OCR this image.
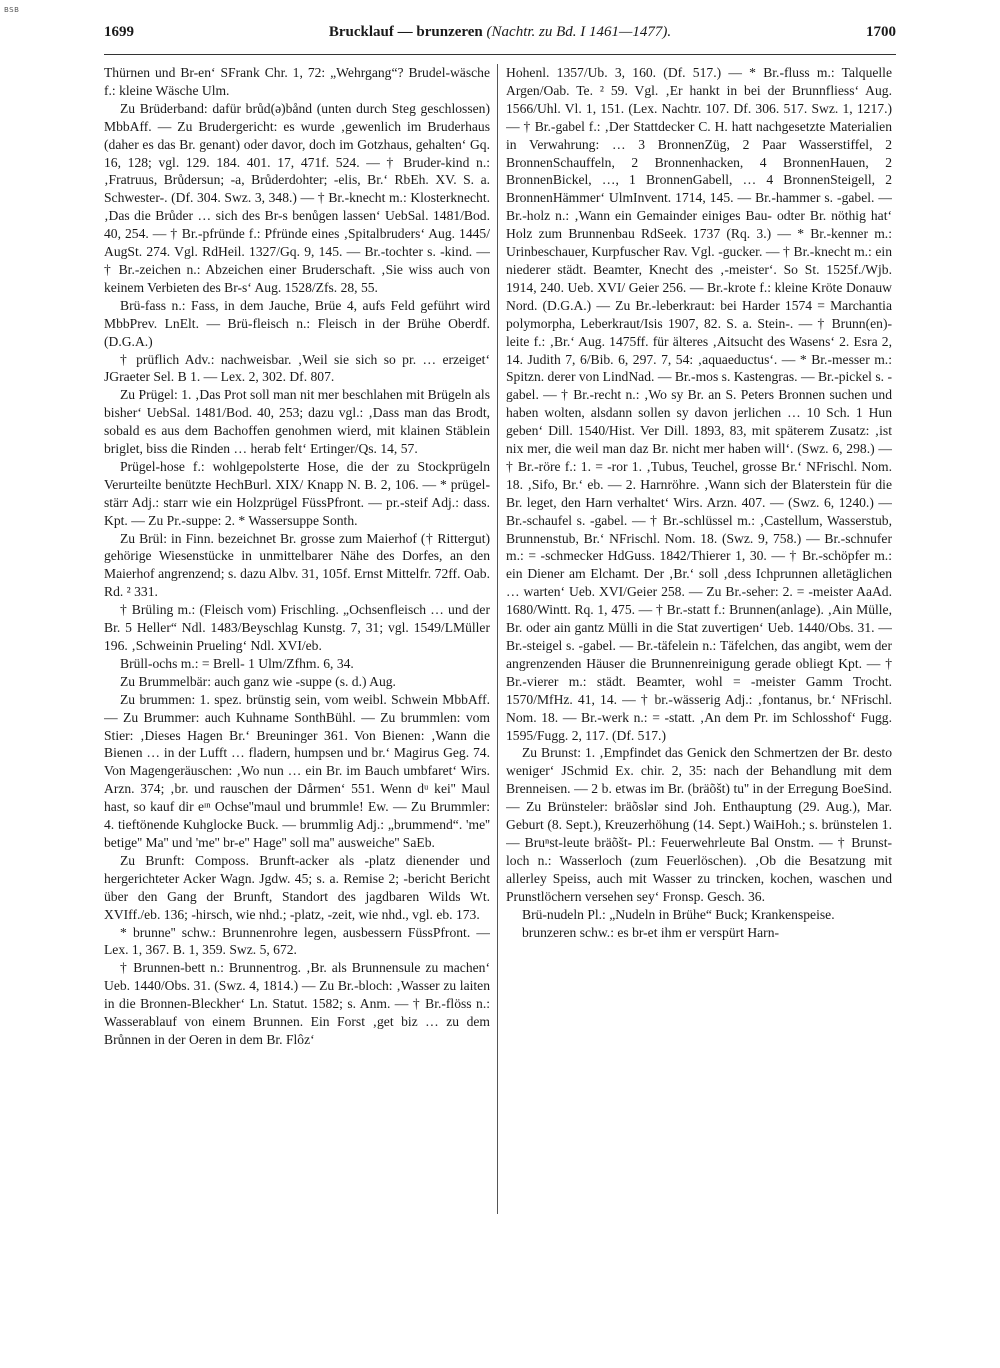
BSB
1699	Brucklauf — brunzeren (Nachtr. zu Bd. I 1461—1477).	1700

Thürnen und Br-en‘ SFrank Chr. 1, 72: „Wehrgang“? Brudel-wäsche f.: kleine Wäsche Ulm.

Zu Brüderband: dafür brůd(ə)bånd (unten durch Steg geschlossen) MbbAff. — Zu Brudergericht: es wurde ‚gewenlich im Bruderhaus (daher es das Br. genant) oder davor, doch im Gotzhaus, gehalten‘ Gq. 16, 128; vgl. 129. 184. 401. 17, 471f. 524. — † Bruder-kind n.: ‚Fratruus, Brůdersun; -a, Brůderdohter; -elis, Br.‘ RbEh. XV. S. a. Schwester-. (Df. 304. Swz. 3, 348.) — † Br.-knecht m.: Klosterknecht. ‚Das die Brůder … sich des Br-s benůgen lassen‘ UebSal. 1481/Bod. 40, 254. — † Br.-pfründe f.: Pfründe eines ‚Spitalbruders‘ Aug. 1445/ AugSt. 274. Vgl. RdHeil. 1327/Gq. 9, 145. — Br.-tochter s. -kind. — † Br.-zeichen n.: Abzeichen einer Bruderschaft. ‚Sie wiss auch von keinem Verbieten des Br-s‘ Aug. 1528/Zfs. 28, 55.

Brü-fass n.: Fass, in dem Jauche, Brüe 4, aufs Feld geführt wird MbbPrev. LnElt. — Brü-fleisch n.: Fleisch in der Brühe Oberdf. (D.G.A.)

† prüflich Adv.: nachweisbar. ‚Weil sie sich so pr. … erzeiget‘ JGraeter Sel. B 1. — Lex. 2, 302. Df. 807.

Zu Prügel: 1. ‚Das Prot soll man nit mer beschlahen mit Brügeln als bisher‘ UebSal. 1481/Bod. 40, 253; dazu vgl.: ‚Dass man das Brodt, sobald es aus dem Bachoffen genohmen wierd, mit klainen Stäblein briglet, biss die Rinden … herab felt‘ Ertinger/Qs. 14, 57.

Prügel-hose f.: wohlgepolsterte Hose, die der zu Stockprügeln Verurteilte benützte HechBurl. XIX/ Knapp N. B. 2, 106. — * prügel-stärr Adj.: starr wie ein Holzprügel FüssPfront. — pr.-steif Adj.: dass. Kpt. — Zu Pr.-suppe: 2. * Wassersuppe Sonth.

Zu Brül: in Finn. bezeichnet Br. grosse zum Maierhof († Rittergut) gehörige Wiesenstücke in unmittelbarer Nähe des Dorfes, an den Maierhof angrenzend; s. dazu Albv. 31, 105f. Ernst Mittelfr. 72ff. Oab. Rd. ² 331.

† Brüling m.: (Fleisch vom) Frischling. „Ochsenfleisch … und der Br. 5 Heller“ Ndl. 1483/Beyschlag Kunstg. 7, 31; vgl. 1549/LMüller 196. ‚Schweinin Prueling‘ Ndl. XVI/eb.

Brüll-ochs m.: = Brell- 1 Ulm/Zfhm. 6, 34.

Zu Brummelbär: auch ganz wie -suppe (s. d.) Aug.

Zu brummen: 1. spez. brünstig sein, vom weibl. Schwein MbbAff. — Zu Brummer: auch Kuhname SonthBühl. — Zu brummlen: vom Stier: ‚Dieses Hagen Br.‘ Breuninger 361. Von Bienen: ‚Wann die Bienen … in der Lufft … fladern, humpsen und br.‘ Magirus Geg. 74. Von Magengeräuschen: ‚Wo nun … ein Br. im Bauch umbfaret‘ Wirs. Arzn. 374; ‚br. und rauschen der Dårmen‘ 551. Wenn dᵘ kei'' Maul hast, so kauf dir eᶦⁿ Ochse''maul und brummle! Ew. — Zu Brummler: 4. tieftönende Kuhglocke Buck. — brummlig Adj.: „brummend“. 'me'' betige'' Ma'' und 'me'' br-e'' Hage'' soll ma'' ausweiche'' SaEb.

Zu Brunft: Composs. Brunft-acker als -platz dienender und hergerichteter Acker Wagn. Jgdw. 45; s. a. Remise 2; -bericht Bericht über den Gang der Brunft, Standort des jagdbaren Wilds Wt. XVIff./eb. 136; -hirsch, wie nhd.; -platz, -zeit, wie nhd., vgl. eb. 173.

* brunne'' schw.: Brunnenrohre legen, ausbessern FüssPfront. — Lex. 1, 367. B. 1, 359. Swz. 5, 672.

† Brunnen-bett n.: Brunnentrog. ‚Br. als Brunnensule zu machen‘ Ueb. 1440/Obs. 31. (Swz. 4, 1814.) — Zu Br.-bloch: ‚Wasser zu laiten in die Bronnen-Bleckher‘ Ln. Statut. 1582; s. Anm. — † Br.-flöss n.: Wasserablauf von einem Brunnen. Ein Forst ‚get biz … zu dem Brůnnen in der Oeren in dem Br. Flôz‘

Hohenl. 1357/Ub. 3, 160. (Df. 517.) — * Br.-fluss m.: Talquelle Argen/Oab. Te. ² 59. Vgl. ‚Er hankt in bei der Brunnfliess‘ Aug. 1566/Uhl. Vl. 1, 151. (Lex. Nachtr. 107. Df. 306. 517. Swz. 1, 1217.) — † Br.-gabel f.: ‚Der Stattdecker C. H. hatt nachgesetzte Materialien in Verwahrung: … 3 BronnenZüg, 2 Paar Wasserstiffel, 2 BronnenSchauffeln, 2 Bronnenhacken, 4 BronnenHauen, 2 BronnenBickel, …, 1 BronnenGabell, … 4 BronnenSteigell, 2 BronnenHämmer‘ UlmInvent. 1714, 145. — Br.-hammer s. -gabel. — Br.-holz n.: ‚Wann ein Gemainder einiges Bau- odter Br. nöthig hat‘ Holz zum Brunnenbau RdSeek. 1737 (Rq. 3.) — * Br.-kenner m.: Urinbeschauer, Kurpfuscher Rav. Vgl. -gucker. — † Br.-knecht m.: ein niederer städt. Beamter, Knecht des ‚-meister‘. So St. 1525f./Wjb. 1914, 240. Ueb. XVI/ Geier 256. — Br.-krote f.: kleine Kröte Donauw Nord. (D.G.A.) — Zu Br.-leberkraut: bei Harder 1574 = Marchantia polymorpha, Leberkraut/Isis 1907, 82. S. a. Stein-. — † Brunn(en)-leite f.: ‚Br.‘ Aug. 1475ff. für älteres ‚Aitsucht des Wasens‘ 2. Esra 2, 14. Judith 7, 6/Bib. 6, 297. 7, 54: ‚aquaeductus‘. — * Br.-messer m.: Spitzn. derer von LindNad. — Br.-mos s. Kastengras. — Br.-pickel s. -gabel. — † Br.-recht n.: ‚Wo sy Br. an S. Peters Bronnen suchen und haben wolten, alsdann sollen sy davon jerlichen … 10 Sch. 1 Hun geben‘ Dill. 1540/Hist. Ver Dill. 1893, 83, mit späterem Zusatz: ‚ist nix mer, die weil man daz Br. nicht mer haben will‘. (Swz. 6, 298.) — † Br.-röre f.: 1. = -ror 1. ‚Tubus, Teuchel, grosse Br.‘ NFrischl. Nom. 18. ‚Sifo, Br.‘ eb. — 2. Harnröhre. ‚Wann sich der Blaterstein für die Br. leget, den Harn verhaltet‘ Wirs. Arzn. 407. — (Swz. 6, 1240.) — Br.-schaufel s. -gabel. — † Br.-schlüssel m.: ‚Castellum, Wasserstub, Brunnenstub, Br.‘ NFrischl. Nom. 18. (Swz. 9, 758.) — Br.-schnufer m.: = -schmecker HdGuss. 1842/Thierer 1, 30. — † Br.-schöpfer m.: ein Diener am Elchamt. Der ‚Br.‘ soll ‚dess Ichprunnen alletäglichen … warten‘ Ueb. XVI/Geier 258. — Zu Br.-seher: 2. = -meister AaAd. 1680/Wintt. Rq. 1, 475. — † Br.-statt f.: Brunnen(anlage). ‚Ain Mülle, Br. oder ain gantz Mülli in die Stat zuvertigen‘ Ueb. 1440/Obs. 31. — Br.-steigel s. -gabel. — Br.-täfelein n.: Täfelchen, das angibt, wem der angrenzenden Häuser die Brunnenreinigung gerade obliegt Kpt. — † Br.-vierer m.: städt. Beamter, wohl = -meister Gamm Trocht. 1570/MfHz. 41, 14. — † br.-wässerig Adj.: ‚fontanus, br.‘ NFrischl. Nom. 18. — Br.-werk n.: = -statt. ‚An dem Pr. im Schlosshof‘ Fugg. 1595/Fugg. 2, 117. (Df. 517.)

Zu Brunst: 1. ‚Empfindet das Genick den Schmertzen der Br. desto weniger‘ JSchmid Ex. chir. 2, 35: nach der Behandlung mit dem Brenneisen. — 2 b. etwas im Br. (bräõšt) tu'' in der Erregung BoeSind. — Zu Brünsteler: bräõslər sind Joh. Enthauptung (29. Aug.), Mar. Geburt (8. Sept.), Kreuzerhöhung (14. Sept.) WaiHoh.; s. brünstelen 1. — Bruⁿst-leute bräõšt- Pl.: Feuerwehrleute Bal Onstm. — † Brunst-loch n.: Wasserloch (zum Feuerlöschen). ‚Ob die Besatzung mit allerley Speiss, auch mit Wasser zu trincken, kochen, waschen und Prunstlöchern versehen sey‘ Fronsp. Gesch. 36.

Brü-nudeln Pl.: „Nudeln in Brühe“ Buck; Krankenspeise.

brunzeren schw.: es br-et ihm er verspürt Harn-
